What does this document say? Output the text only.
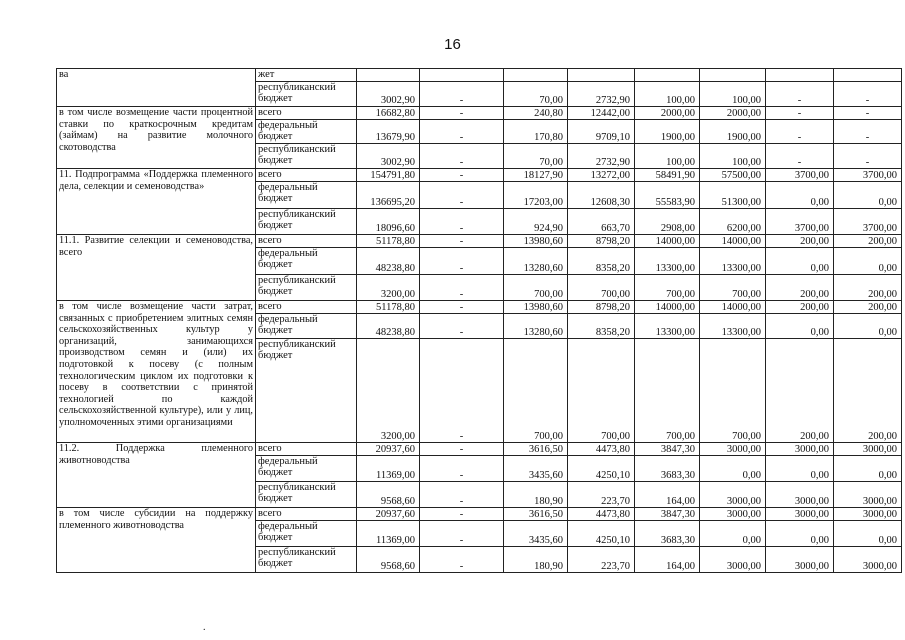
16
ва	жет								
	республиканский бюджет	3002,90	-	70,00	2732,90	100,00	100,00	-	-
в том числе возмещение части процентной ставки по краткосрочным кредитам (займам) на развитие молочного скотоводства	всего	16682,80	-	240,80	12442,00	2000,00	2000,00	-	-
	федеральный бюджет	13679,90	-	170,80	9709,10	1900,00	1900,00	-	-
	республиканский бюджет	3002,90	-	70,00	2732,90	100,00	100,00	-	-
11. Подпрограмма «Поддержка племенного дела, селекции и семеноводства»	всего	154791,80	-	18127,90	13272,00	58491,90	57500,00	3700,00	3700,00
	федеральный бюджет	136695,20	-	17203,00	12608,30	55583,90	51300,00	0,00	0,00
	республиканский бюджет	18096,60	-	924,90	663,70	2908,00	6200,00	3700,00	3700,00
11.1. Развитие селекции и семеноводства, всего	всего	51178,80	-	13980,60	8798,20	14000,00	14000,00	200,00	200,00
	федеральный бюджет	48238,80	-	13280,60	8358,20	13300,00	13300,00	0,00	0,00
	республиканский бюджет	3200,00	-	700,00	700,00	700,00	700,00	200,00	200,00
в том числе возмещение части затрат, связанных с приобретением элитных семян сельскохозяйственных культур у организаций, занимающихся производством семян и (или) их подготовкой к посеву (с полным технологическим циклом их подготовки к посеву в соответствии с принятой технологией по каждой сельскохозяйственной культуре), или у лиц, уполномоченных этими организациями	всего	51178,80	-	13980,60	8798,20	14000,00	14000,00	200,00	200,00
	федеральный бюджет	48238,80	-	13280,60	8358,20	13300,00	13300,00	0,00	0,00
	республиканский бюджет	3200,00	-	700,00	700,00	700,00	700,00	200,00	200,00
11.2. Поддержка племенного животноводства	всего	20937,60	-	3616,50	4473,80	3847,30	3000,00	3000,00	3000,00
	федеральный бюджет	11369,00	-	3435,60	4250,10	3683,30	0,00	0,00	0,00
	республиканский бюджет	9568,60	-	180,90	223,70	164,00	3000,00	3000,00	3000,00
в том числе субсидии на поддержку племенного животноводства	всего	20937,60	-	3616,50	4473,80	3847,30	3000,00	3000,00	3000,00
	федеральный бюджет	11369,00	-	3435,60	4250,10	3683,30	0,00	0,00	0,00
	республиканский бюджет	9568,60	-	180,90	223,70	164,00	3000,00	3000,00	3000,00
.
